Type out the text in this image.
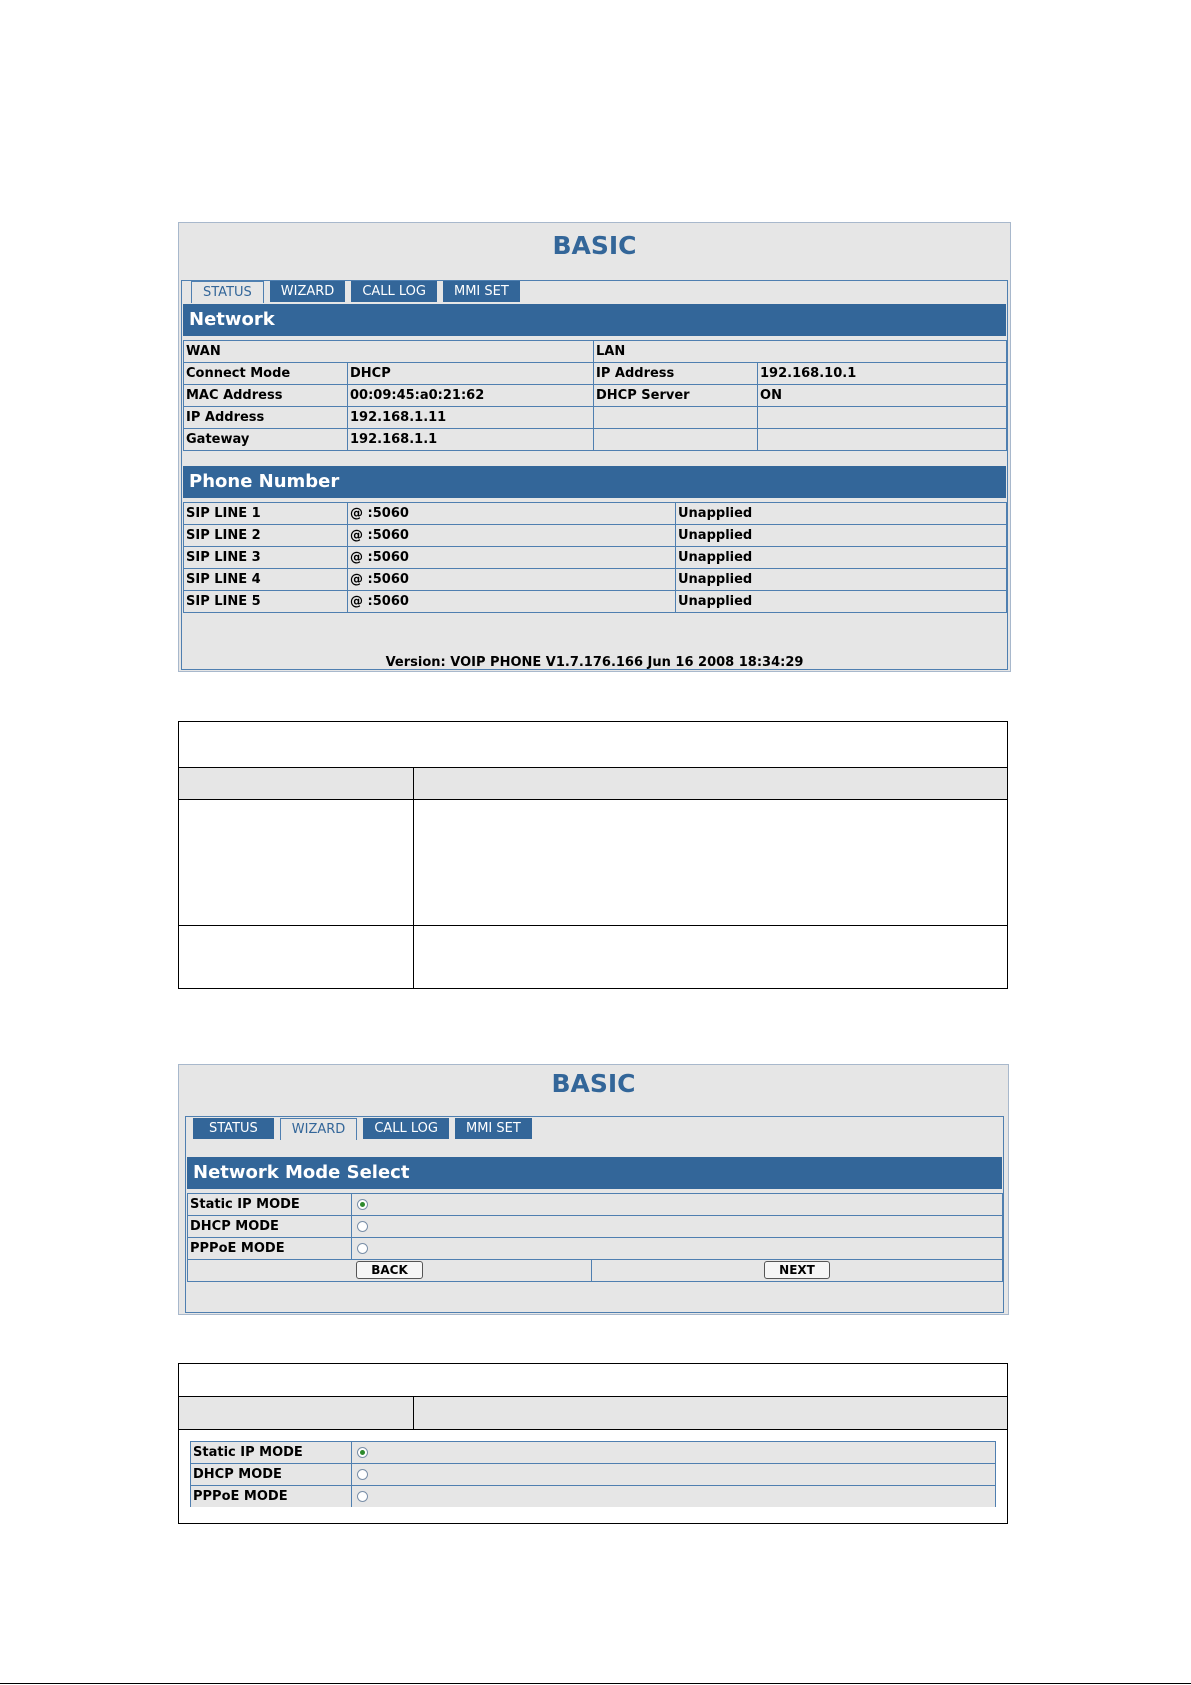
BASIC
STATUS	WIZARD	CALL LOG	MMI SET
Network
WAN		LAN	
Connect Mode	DHCP	IP Address	192.168.10.1
MAC Address	00:09:45:a0:21:62	DHCP Server	ON
IP Address	192.168.1.11		
Gateway	192.168.1.1		
Phone Number
SIP LINE 1	@ :5060	Unapplied
SIP LINE 2	@ :5060	Unapplied
SIP LINE 3	@ :5060	Unapplied
SIP LINE 4	@ :5060	Unapplied
SIP LINE 5	@ :5060	Unapplied
Version: VOIP PHONE V1.7.176.166 Jun 16 2008 18:34:29
BASIC
STATUS	WIZARD	CALL LOG	MMI SET
Network Mode Select
Static IP MODE		
DHCP MODE		
PPPoE MODE		
BACK		NEXT
Static IP MODE	
DHCP MODE	
PPPoE MODE	
